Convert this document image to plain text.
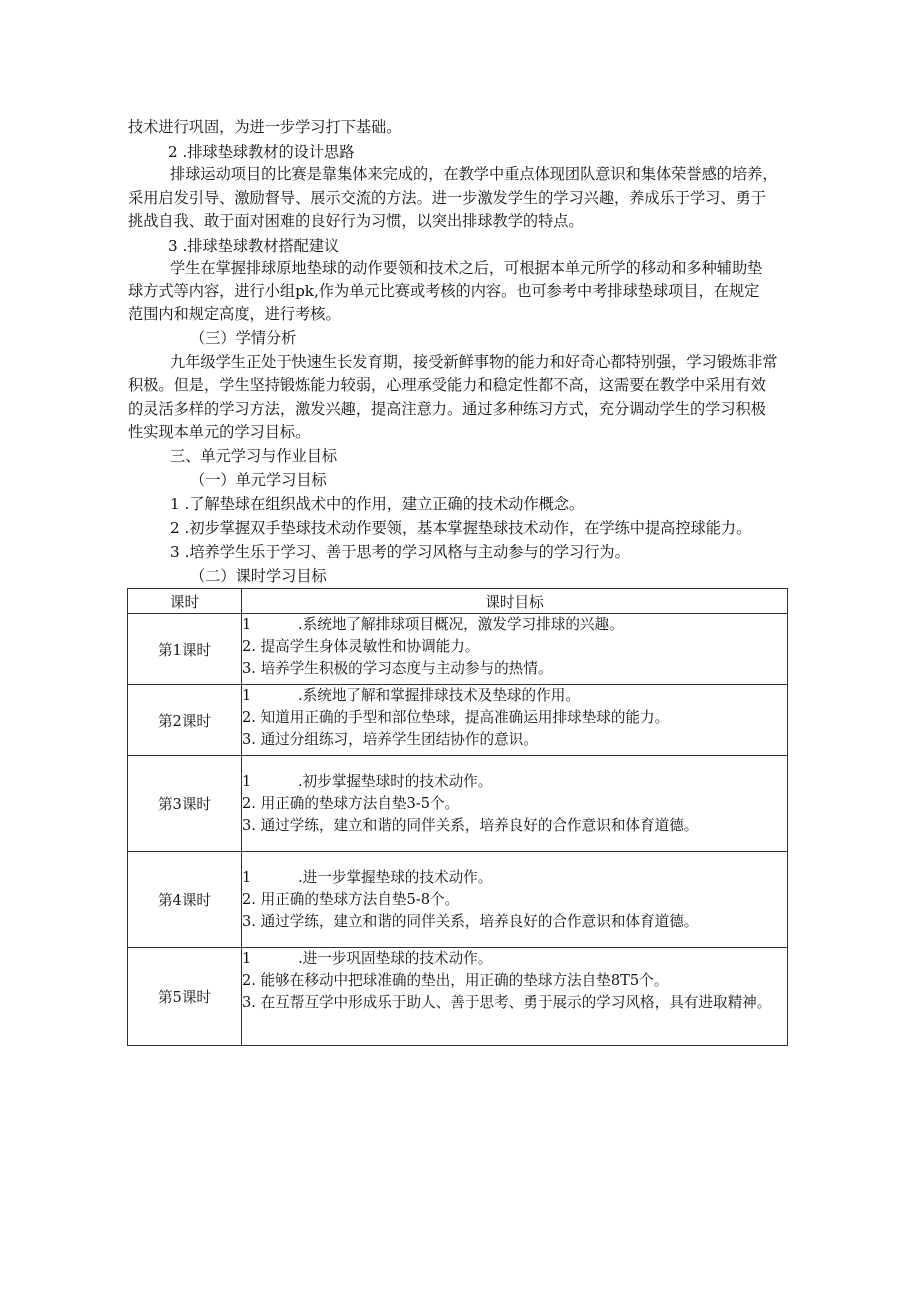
技术进行巩固，为进一步学习打下基础。
2 .排球垫球教材的设计思路
排球运动项目的比赛是靠集体来完成的，在教学中重点体现团队意识和集体荣誉感的培养，
采用启发引导、激励督导、展示交流的方法。进一步激发学生的学习兴趣，养成乐于学习、勇于
挑战自我、敢于面对困难的良好行为习惯，以突出排球教学的特点。
3 .排球垫球教材搭配建议
学生在掌握排球原地垫球的动作要领和技术之后，可根据本单元所学的移动和多种辅助垫
球方式等内容，进行小组pk,作为单元比赛或考核的内容。也可参考中考排球垫球项目，在规定
范围内和规定高度，进行考核。
（三）学情分析
九年级学生正处于快速生长发育期，接受新鲜事物的能力和好奇心都特别强，学习锻炼非常
积极。但是，学生坚持锻炼能力较弱，心理承受能力和稳定性都不高，这需要在教学中采用有效
的灵活多样的学习方法，激发兴趣，提高注意力。通过多种练习方式，充分调动学生的学习积极
性实现本单元的学习目标。
三、单元学习与作业目标
（一）单元学习目标
1 .了解垫球在组织战术中的作用，建立正确的技术动作概念。
2 .初步掌握双手垫球技术动作要领，基本掌握垫球技术动作，在学练中提高控球能力。
3 .培养学生乐于学习、善于思考的学习风格与主动参与的学习行为。
（二）课时学习目标
课时	课时目标
第1课时	1 .系统地了解排球项目概况，激发学习排球的兴趣。
2. 提高学生身体灵敏性和协调能力。
3. 培养学生积极的学习态度与主动参与的热情。

第2课时	1 .系统地了解和掌握排球技术及垫球的作用。
2. 知道用正确的手型和部位垫球，提高准确运用排球垫球的能力。
3. 通过分组练习，培养学生团结协作的意识。

第3课时	1 .初步掌握垫球时的技术动作。
2. 用正确的垫球方法自垫3-5个。
3. 通过学练，建立和谐的同伴关系，培养良好的合作意识和体育道德。

第4课时	1 .进一步掌握垫球的技术动作。
2. 用正确的垫球方法自垫5-8个。
3. 通过学练，建立和谐的同伴关系，培养良好的合作意识和体育道德。

第5课时	1 .进一步巩固垫球的技术动作。
2. 能够在移动中把球准确的垫出，用正确的垫球方法自垫8T5个。
3. 在互帮互学中形成乐于助人、善于思考、勇于展示的学习风格，具有进取精神。
